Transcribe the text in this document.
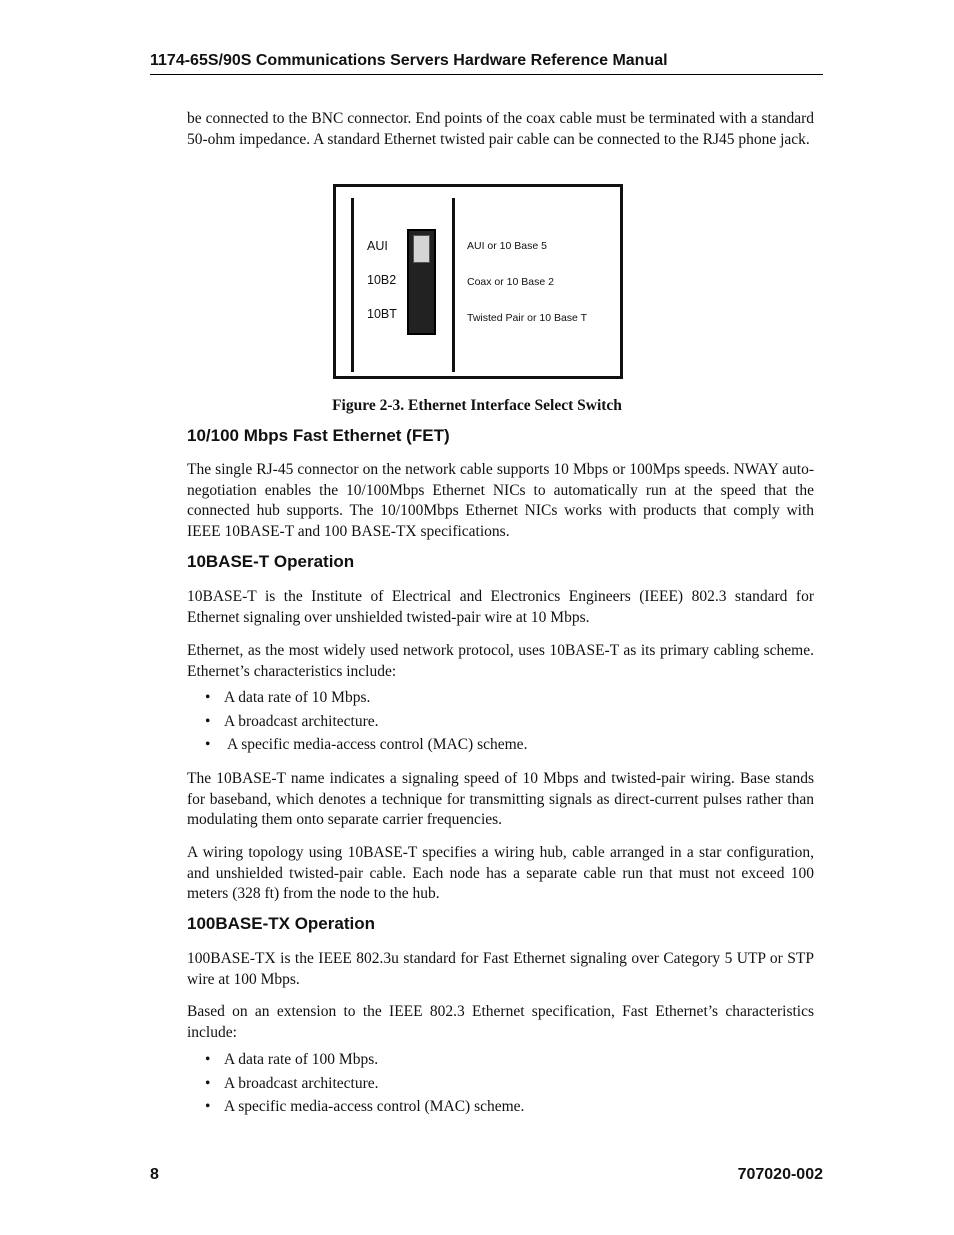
1174-65S/90S Communications Servers Hardware Reference Manual

be connected to the BNC connector. End points of the coax cable must be terminated with a standard 50-ohm impedance. A standard Ethernet twisted pair cable can be connected to the RJ45 phone jack.

AUI
10B2
10BT
AUI or 10 Base 5
Coax or 10 Base 2
Twisted Pair or 10 Base T
Figure 2-3. Ethernet Interface Select Switch
10/100 Mbps Fast Ethernet (FET)

The single RJ-45 connector on the network cable supports 10 Mbps or 100Mps speeds. NWAY auto-negotiation enables the 10/100Mbps Ethernet NICs to automatically run at the speed that the connected hub supports. The 10/100Mbps Ethernet NICs works with products that comply with IEEE 10BASE-T and 100 BASE-TX specifications.

10BASE-T Operation

10BASE-T is the Institute of Electrical and Electronics Engineers (IEEE) 802.3 standard for Ethernet signaling over unshielded twisted-pair wire at 10 Mbps.

Ethernet, as the most widely used network protocol, uses 10BASE-T as its primary cabling scheme. Ethernet’s characteristics include:

• A data rate of 10 Mbps.
• A broadcast architecture.
• A specific media-access control (MAC) scheme.

The 10BASE-T name indicates a signaling speed of 10 Mbps and twisted-pair wiring. Base stands for baseband, which denotes a technique for transmitting signals as direct-current pulses rather than modulating them onto separate carrier frequencies.

A wiring topology using 10BASE-T specifies a wiring hub, cable arranged in a star configuration, and unshielded twisted-pair cable. Each node has a separate cable run that must not exceed 100 meters (328 ft) from the node to the hub.

100BASE-TX Operation

100BASE-TX is the IEEE 802.3u standard for Fast Ethernet signaling over Category 5 UTP or STP wire at 100 Mbps.

Based on an extension to the IEEE 802.3 Ethernet specification, Fast Ethernet’s characteristics include:

• A data rate of 100 Mbps.
• A broadcast architecture.
• A specific media-access control (MAC) scheme.
8	707020-002
